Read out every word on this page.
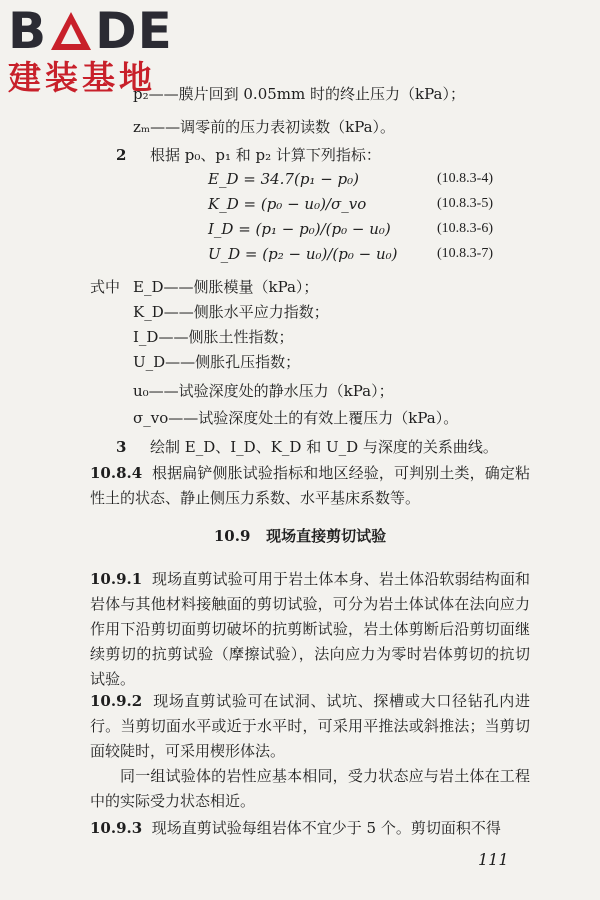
B DE
建装基地
p₂——膜片回到 0.05mm 时的终止压力（kPa）；
zₘ——调零前的压力表初读数（kPa）。
2 根据 p₀、p₁ 和 p₂ 计算下列指标：
E_D = 34.7(p₁ − p₀)	(10.8.3-4)
K_D = (p₀ − u₀)/σ_vo	(10.8.3-5)
I_D = (p₁ − p₀)/(p₀ − u₀)	(10.8.3-6)
U_D = (p₂ − u₀)/(p₀ − u₀)	(10.8.3-7)
式中 E_D——侧胀模量（kPa）；
K_D——侧胀水平应力指数；
I_D——侧胀土性指数；
U_D——侧胀孔压指数；
u₀——试验深度处的静水压力（kPa）；
σ_vo——试验深度处土的有效上覆压力（kPa）。
3 绘制 E_D、I_D、K_D 和 U_D 与深度的关系曲线。
10.8.4 根据扁铲侧胀试验指标和地区经验，可判别土类，确定粘性土的状态、静止侧压力系数、水平基床系数等。
10.9 现场直接剪切试验
10.9.1 现场直剪试验可用于岩土体本身、岩土体沿软弱结构面和岩体与其他材料接触面的剪切试验，可分为岩土体试体在法向应力作用下沿剪切面剪切破坏的抗剪断试验，岩土体剪断后沿剪切面继续剪切的抗剪试验（摩擦试验），法向应力为零时岩体剪切的抗切试验。
10.9.2 现场直剪试验可在试洞、试坑、探槽或大口径钻孔内进行。当剪切面水平或近于水平时，可采用平推法或斜推法；当剪切面较陡时，可采用楔形体法。
同一组试验体的岩性应基本相同，受力状态应与岩土体在工程中的实际受力状态相近。
10.9.3 现场直剪试验每组岩体不宜少于 5 个。剪切面积不得
111
